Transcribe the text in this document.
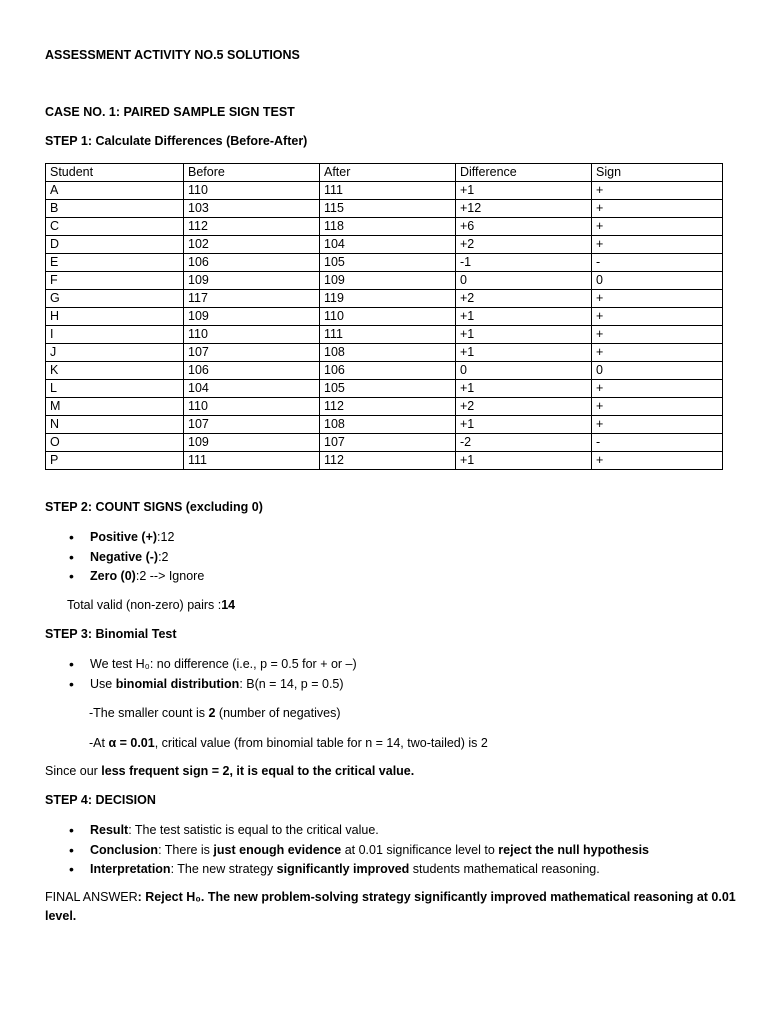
ASSESSMENT ACTIVITY NO.5 SOLUTIONS
CASE NO. 1: PAIRED SAMPLE SIGN TEST
STEP 1: Calculate Differences (Before-After)
Student	Before	After	Difference	Sign
A	110	111	+1	+
B	103	115	+12	+
C	112	118	+6	+
D	102	104	+2	+
E	106	105	-1	-
F	109	109	0	0
G	117	119	+2	+
H	109	110	+1	+
I	110	111	+1	+
J	107	108	+1	+
K	106	106	0	0
L	104	105	+1	+
M	110	112	+2	+
N	107	108	+1	+
O	109	107	-2	-
P	111	112	+1	+
STEP 2: COUNT SIGNS (excluding 0)
• Positive (+):12
• Negative (-):2
• Zero (0):2 --> Ignore
Total valid (non-zero) pairs :14
STEP 3: Binomial Test
• We test H₀: no difference (i.e., p = 0.5 for + or –)
• Use binomial distribution: B(n = 14, p = 0.5)
-The smaller count is 2 (number of negatives)
-At α = 0.01, critical value (from binomial table for n = 14, two-tailed) is 2
Since our less frequent sign = 2, it is equal to the critical value.
STEP 4: DECISION
• Result: The test satistic is equal to the critical value.
• Conclusion: There is just enough evidence at 0.01 significance level to reject the null hypothesis
• Interpretation: The new strategy significantly improved students mathematical reasoning.
FINAL ANSWER: Reject H₀. The new problem-solving strategy significantly improved mathematical reasoning at 0.01
level.
